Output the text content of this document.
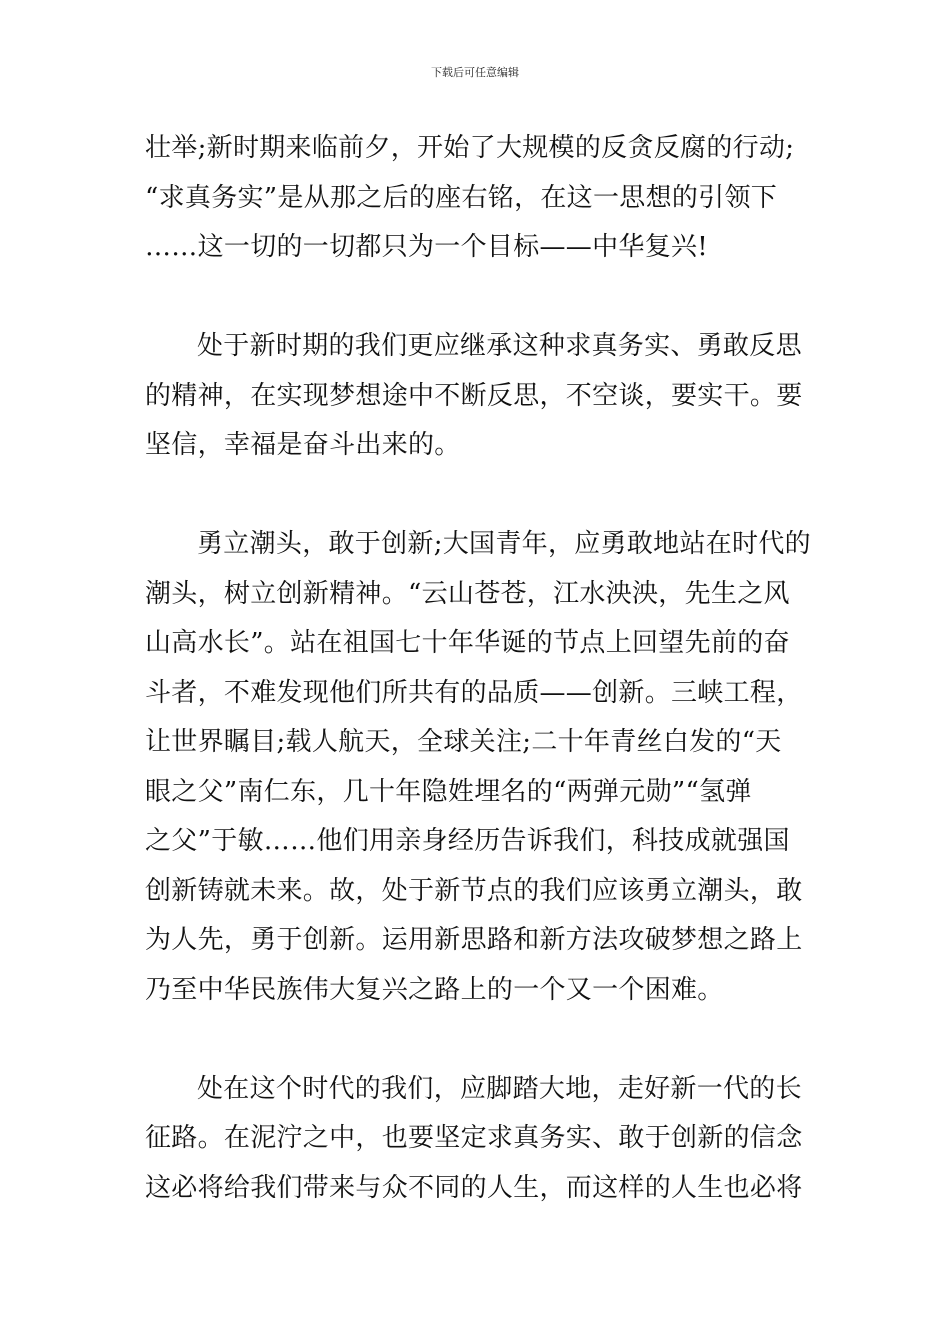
下载后可任意编辑
壮举;新时期来临前夕，开始了大规模的反贪反腐的行动;
“求真务实”是从那之后的座右铭，在这一思想的引领下
……这一切的一切都只为一个目标——中华复兴!
处于新时期的我们更应继承这种求真务实、勇敢反思
的精神，在实现梦想途中不断反思，不空谈，要实干。要
坚信，幸福是奋斗出来的。
勇立潮头，敢于创新;大国青年，应勇敢地站在时代的
潮头，树立创新精神。“云山苍苍，江水泱泱，先生之风
山高水长”。站在祖国七十年华诞的节点上回望先前的奋
斗者，不难发现他们所共有的品质——创新。三峡工程，
让世界瞩目;载人航天，全球关注;二十年青丝白发的“天
眼之父”南仁东，几十年隐姓埋名的“两弹元勋”“氢弹
之父”于敏……他们用亲身经历告诉我们，科技成就强国
创新铸就未来。故，处于新节点的我们应该勇立潮头，敢
为人先，勇于创新。运用新思路和新方法攻破梦想之路上
乃至中华民族伟大复兴之路上的一个又一个困难。
处在这个时代的我们，应脚踏大地，走好新一代的长
征路。在泥泞之中，也要坚定求真务实、敢于创新的信念
这必将给我们带来与众不同的人生，而这样的人生也必将
